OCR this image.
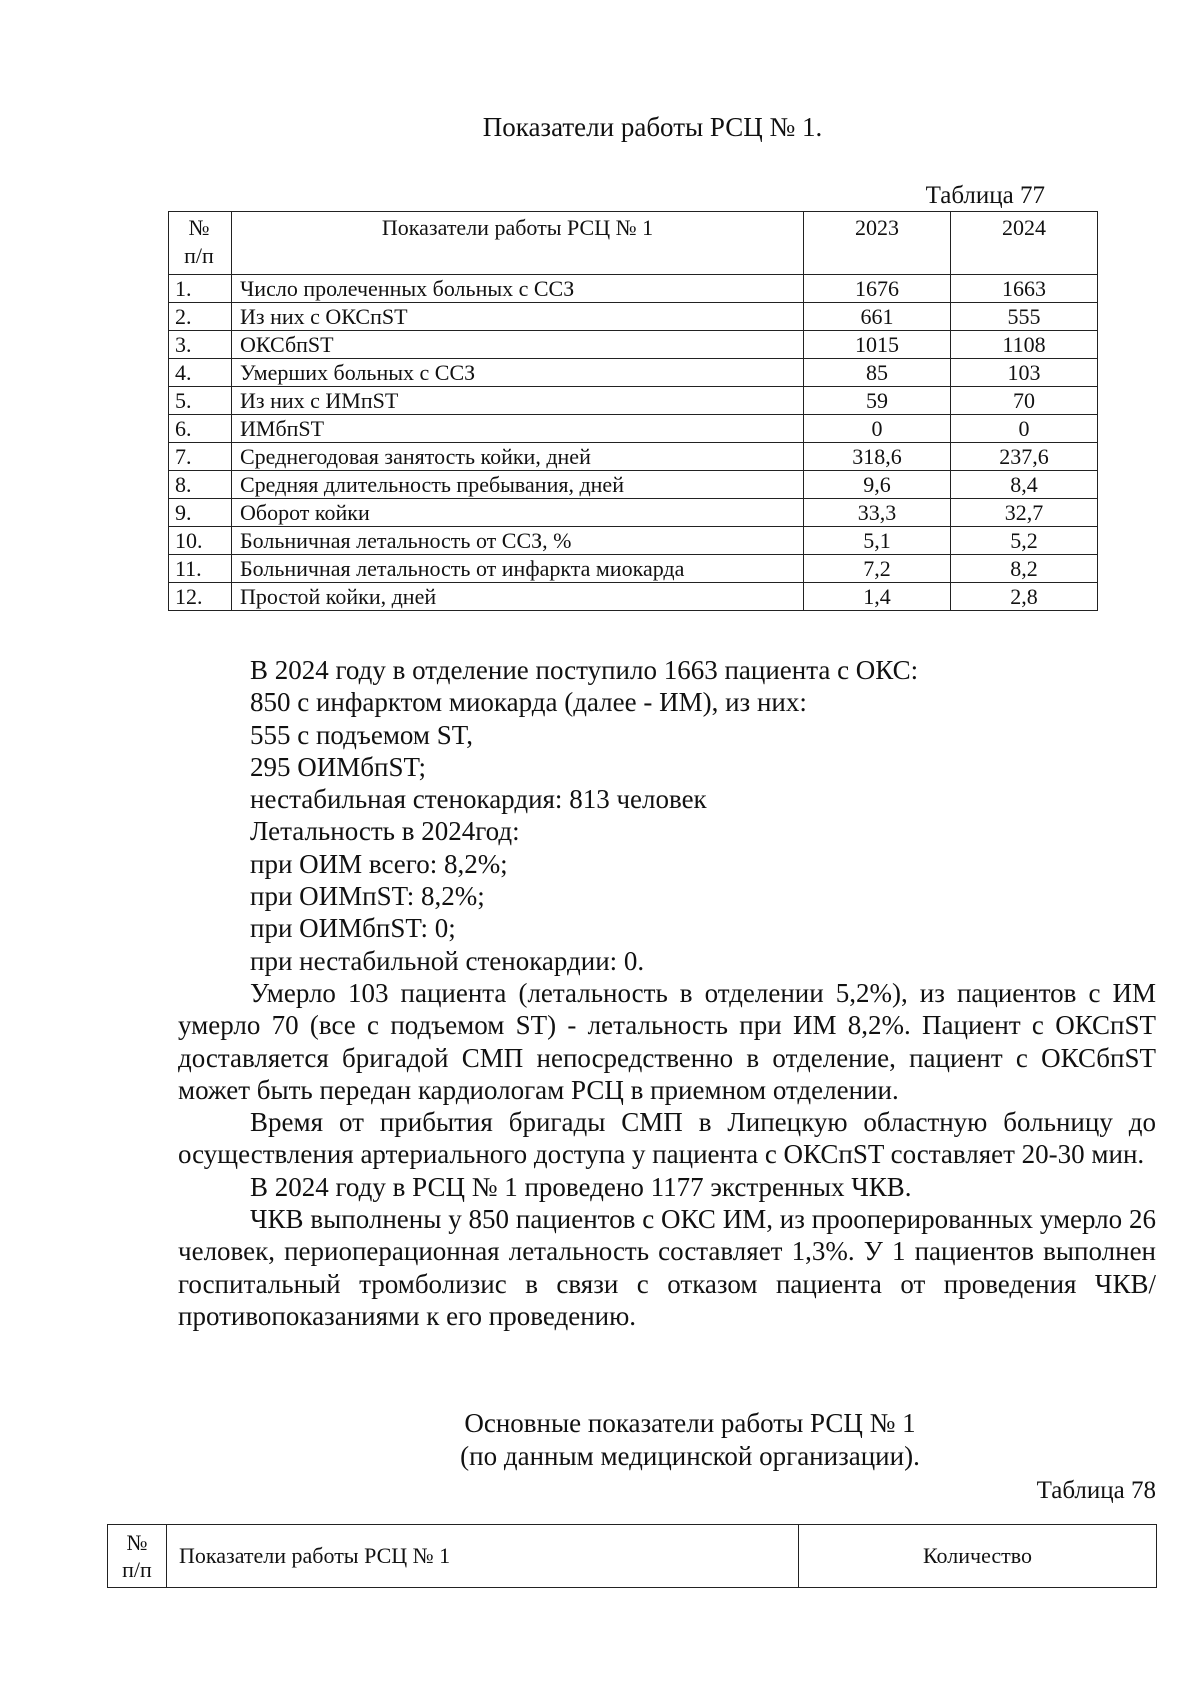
Показатели работы РСЦ № 1.
Таблица 77
№
п/п	Показатели работы РСЦ № 1	2023	2024
1.	Число пролеченных больных с ССЗ	1676	1663
2.	Из них с ОКСпST	661	555
3.	ОКСбпST	1015	1108
4.	Умерших больных с ССЗ	85	103
5.	Из них с ИМпST	59	70
6.	ИМбпST	0	0
7.	Среднегодовая занятость койки, дней	318,6	237,6
8.	Средняя длительность пребывания, дней	9,6	8,4
9.	Оборот койки	33,3	32,7
10.	Больничная летальность от ССЗ, %	5,1	5,2
11.	Больничная летальность от инфаркта миокарда	7,2	8,2
12.	Простой койки, дней	1,4	2,8

В 2024 году в отделение поступило 1663 пациента с ОКС:

850 с инфарктом миокарда (далее - ИМ), из них:

555 с подъемом ST,

295 ОИМбпST;

нестабильная стенокардия: 813 человек

Летальность в 2024год:

при ОИМ всего: 8,2%;

при ОИМпST: 8,2%;

при ОИМбпST: 0;

при нестабильной стенокардии: 0.

Умерло 103 пациента (летальность в отделении 5,2%), из пациентов с ИМ умерло 70 (все с подъемом ST) - летальность при ИМ 8,2%. Пациент с ОКСпST доставляется бригадой СМП непосредственно в отделение, пациент с ОКСбпST может быть передан кардиологам РСЦ в приемном отделении.

Время от прибытия бригады СМП в Липецкую областную больницу до осуществления артериального доступа у пациента с ОКСпST составляет 20-30 мин.

В 2024 году в РСЦ № 1 проведено 1177 экстренных ЧКВ.

ЧКВ выполнены у 850 пациентов с ОКС ИМ, из прооперированных умерло 26 человек, периоперационная летальность составляет 1,3%. У 1 пациентов выполнен госпитальный тромболизис в связи с отказом пациента от проведения ЧКВ/противопоказаниями к его проведению.

Основные показатели работы РСЦ № 1
(по данным медицинской организации).
Таблица 78
№
п/п	Показатели работы РСЦ № 1	Количество
